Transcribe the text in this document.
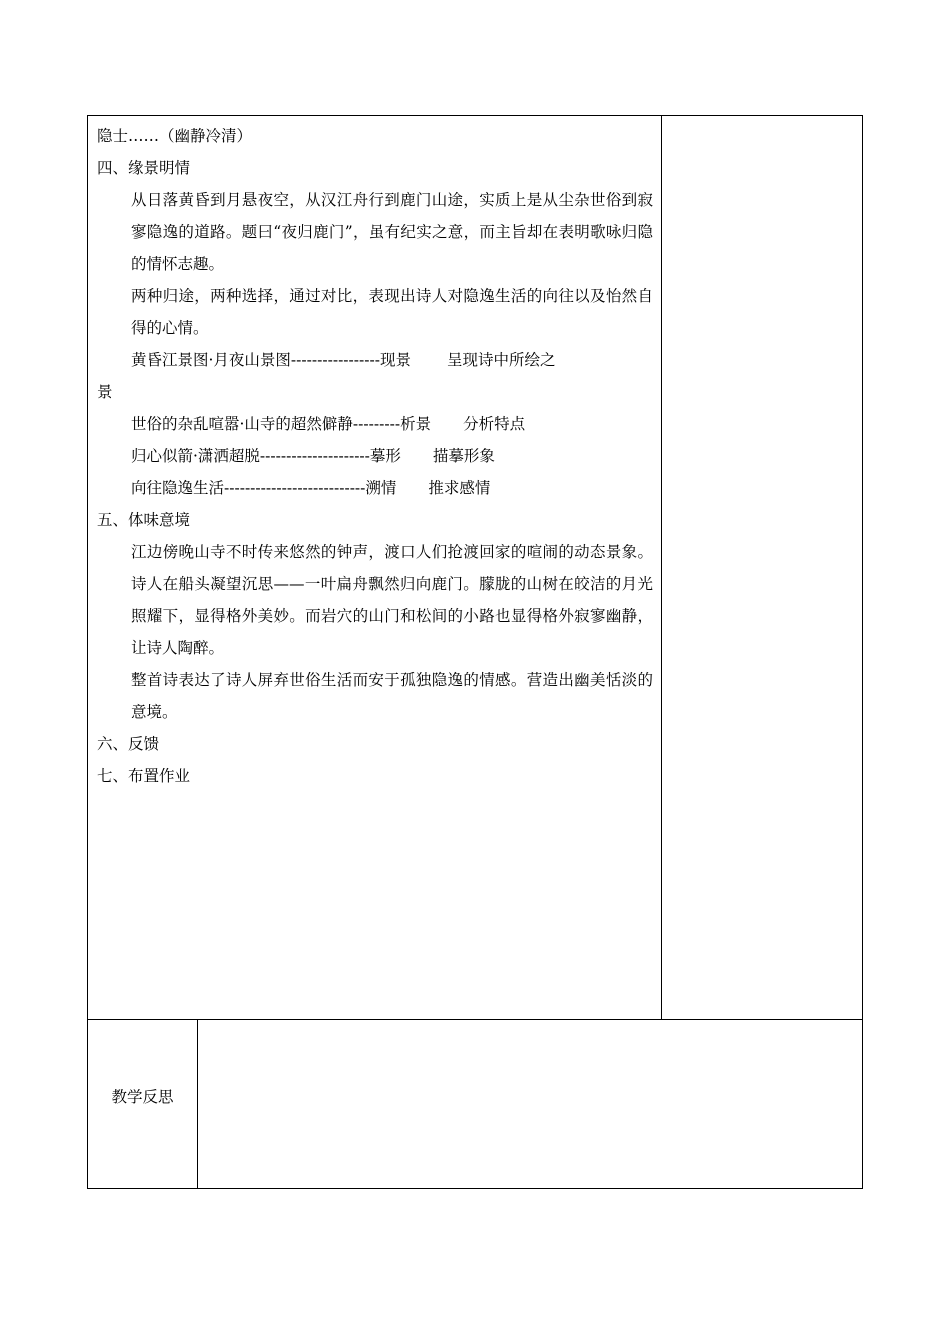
隐士……（幽静冷清）
四、缘景明情
从日落黄昏到月悬夜空，从汉江舟行到鹿门山途，实质上是从尘杂世俗到寂寥隐逸的道路。题曰“夜归鹿门”，虽有纪实之意，而主旨却在表明歌咏归隐的情怀志趣。
两种归途，两种选择，通过对比，表现出诗人对隐逸生活的向往以及怡然自得的心情。
黄昏江景图·月夜山景图-----------------现景 呈现诗中所绘之
景
世俗的杂乱喧嚣·山寺的超然僻静---------析景 分析特点
归心似箭·潇洒超脱---------------------摹形 描摹形象
向往隐逸生活---------------------------溯情 推求感情
五、体味意境
江边傍晚山寺不时传来悠然的钟声，渡口人们抢渡回家的喧闹的动态景象。诗人在船头凝望沉思——一叶扁舟飘然归向鹿门。朦胧的山树在皎洁的月光照耀下，显得格外美妙。而岩穴的山门和松间的小路也显得格外寂寥幽静，让诗人陶醉。
整首诗表达了诗人屏弃世俗生活而安于孤独隐逸的情感。营造出幽美恬淡的意境。
六、反馈
七、布置作业
教学反思
